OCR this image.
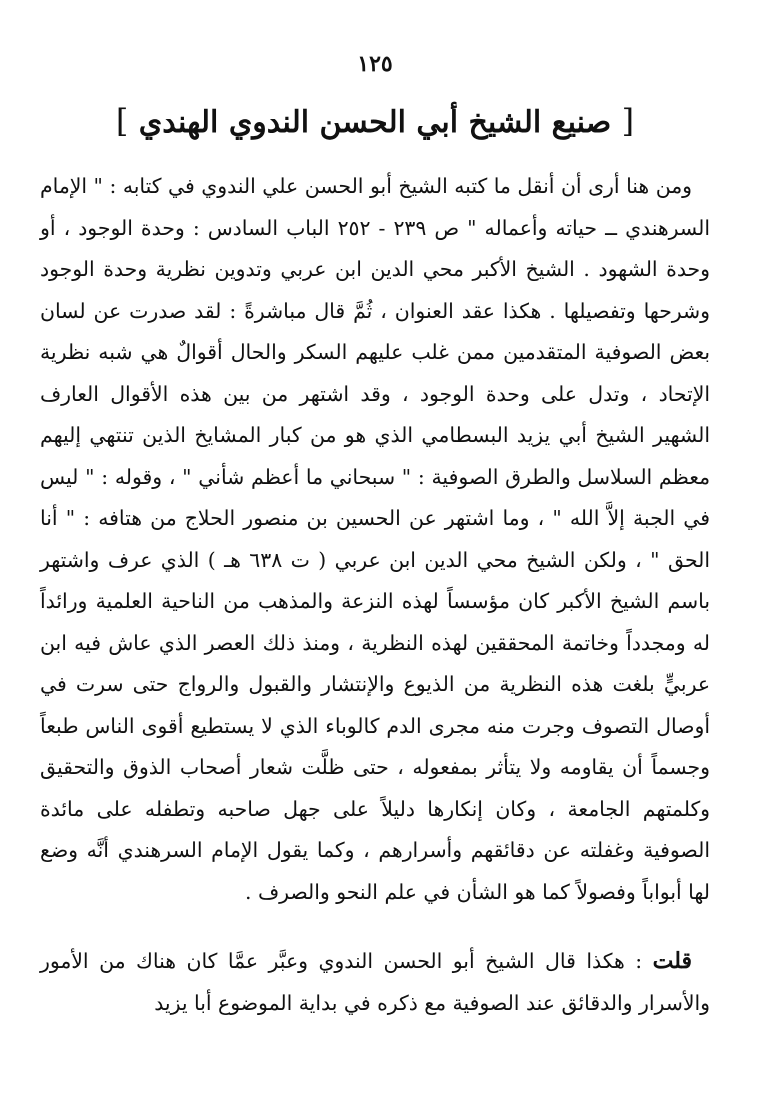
١٢٥
[ صنيع الشيخ أبي الحسن الندوي الهندي ]

ومن هنا أرى أن أنقل ما كتبه الشيخ أبو الحسن علي الندوي في كتابه : " الإمام السرهندي ــ حياته وأعماله " ص ٢٣٩ - ٢٥٢ الباب السادس : وحدة الوجود ، أو وحدة الشهود . الشيخ الأكبر محي الدين ابن عربي وتدوين نظرية وحدة الوجود وشرحها وتفصيلها . هكذا عقد العنوان ، ثُمَّ قال مباشرةً : لقد صدرت عن لسان بعض الصوفية المتقدمين ممن غلب عليهم السكر والحال أقوالٌ هي شبه نظرية الإتحاد ، وتدل على وحدة الوجود ، وقد اشتهر من بين هذه الأقوال العارف الشهير الشيخ أبي يزيد البسطامي الذي هو من كبار المشايخ الذين تنتهي إليهم معظم السلاسل والطرق الصوفية : " سبحاني ما أعظم شأني " ، وقوله : " ليس في الجبة إلاَّ الله " ، وما اشتهر عن الحسين بن منصور الحلاج من هتافه : " أنا الحق " ، ولكن الشيخ محي الدين ابن عربي ( ت ٦٣٨ هـ ) الذي عرف واشتهر باسم الشيخ الأكبر كان مؤسساً لهذه النزعة والمذهب من الناحية العلمية ورائداً له ومجدداً وخاتمة المحققين لهذه النظرية ، ومنذ ذلك العصر الذي عاش فيه ابن عربيٍّ بلغت هذه النظرية من الذيوع والإنتشار والقبول والرواج حتى سرت في أوصال التصوف وجرت منه مجرى الدم كالوباء الذي لا يستطيع أقوى الناس طبعاً وجسماً أن يقاومه ولا يتأثر بمفعوله ، حتى ظلَّت شعار أصحاب الذوق والتحقيق وكلمتهم الجامعة ، وكان إنكارها دليلاً على جهل صاحبه وتطفله على مائدة الصوفية وغفلته عن دقائقهم وأسرارهم ، وكما يقول الإمام السرهندي أنَّه وضع لها أبواباً وفصولاً كما هو الشأن في علم النحو والصرف .

قلت : هكذا قال الشيخ أبو الحسن الندوي وعبَّر عمَّا كان هناك من الأمور والأسرار والدقائق عند الصوفية مع ذكره في بداية الموضوع أبا يزيد
